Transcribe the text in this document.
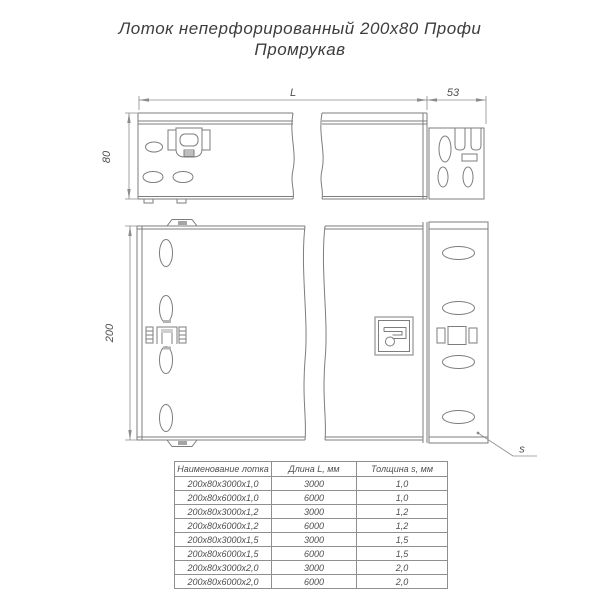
Лоток неперфорированный 200х80 Профи
Промрукав
L	53
80
200
s
Наименование лотка	Длина L, мм	Толщина s, мм
200х80х3000х1,0	3000	1,0
200х80х6000х1,0	6000	1,0
200х80х3000х1,2	3000	1,2
200х80х6000х1,2	6000	1,2
200х80х3000х1,5	3000	1,5
200х80х6000х1,5	6000	1,5
200х80х3000х2,0	3000	2,0
200х80х6000х2,0	6000	2,0
